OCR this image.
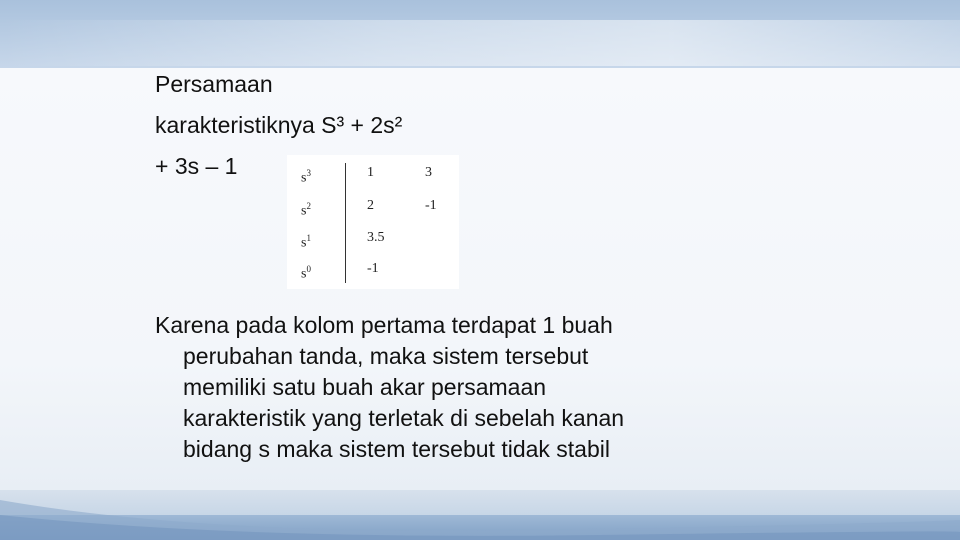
Persamaan
karakteristiknya S³ + 2s²
+ 3s – 1	$s^3$	1	3
$s^2$	2	-1
$s^1$	3.5
$s^0$	-1
Karena pada kolom pertama terdapat 1 buah
perubahan tanda, maka sistem tersebut
memiliki satu buah akar persamaan
karakteristik yang terletak di sebelah kanan
bidang s maka sistem tersebut tidak stabil
